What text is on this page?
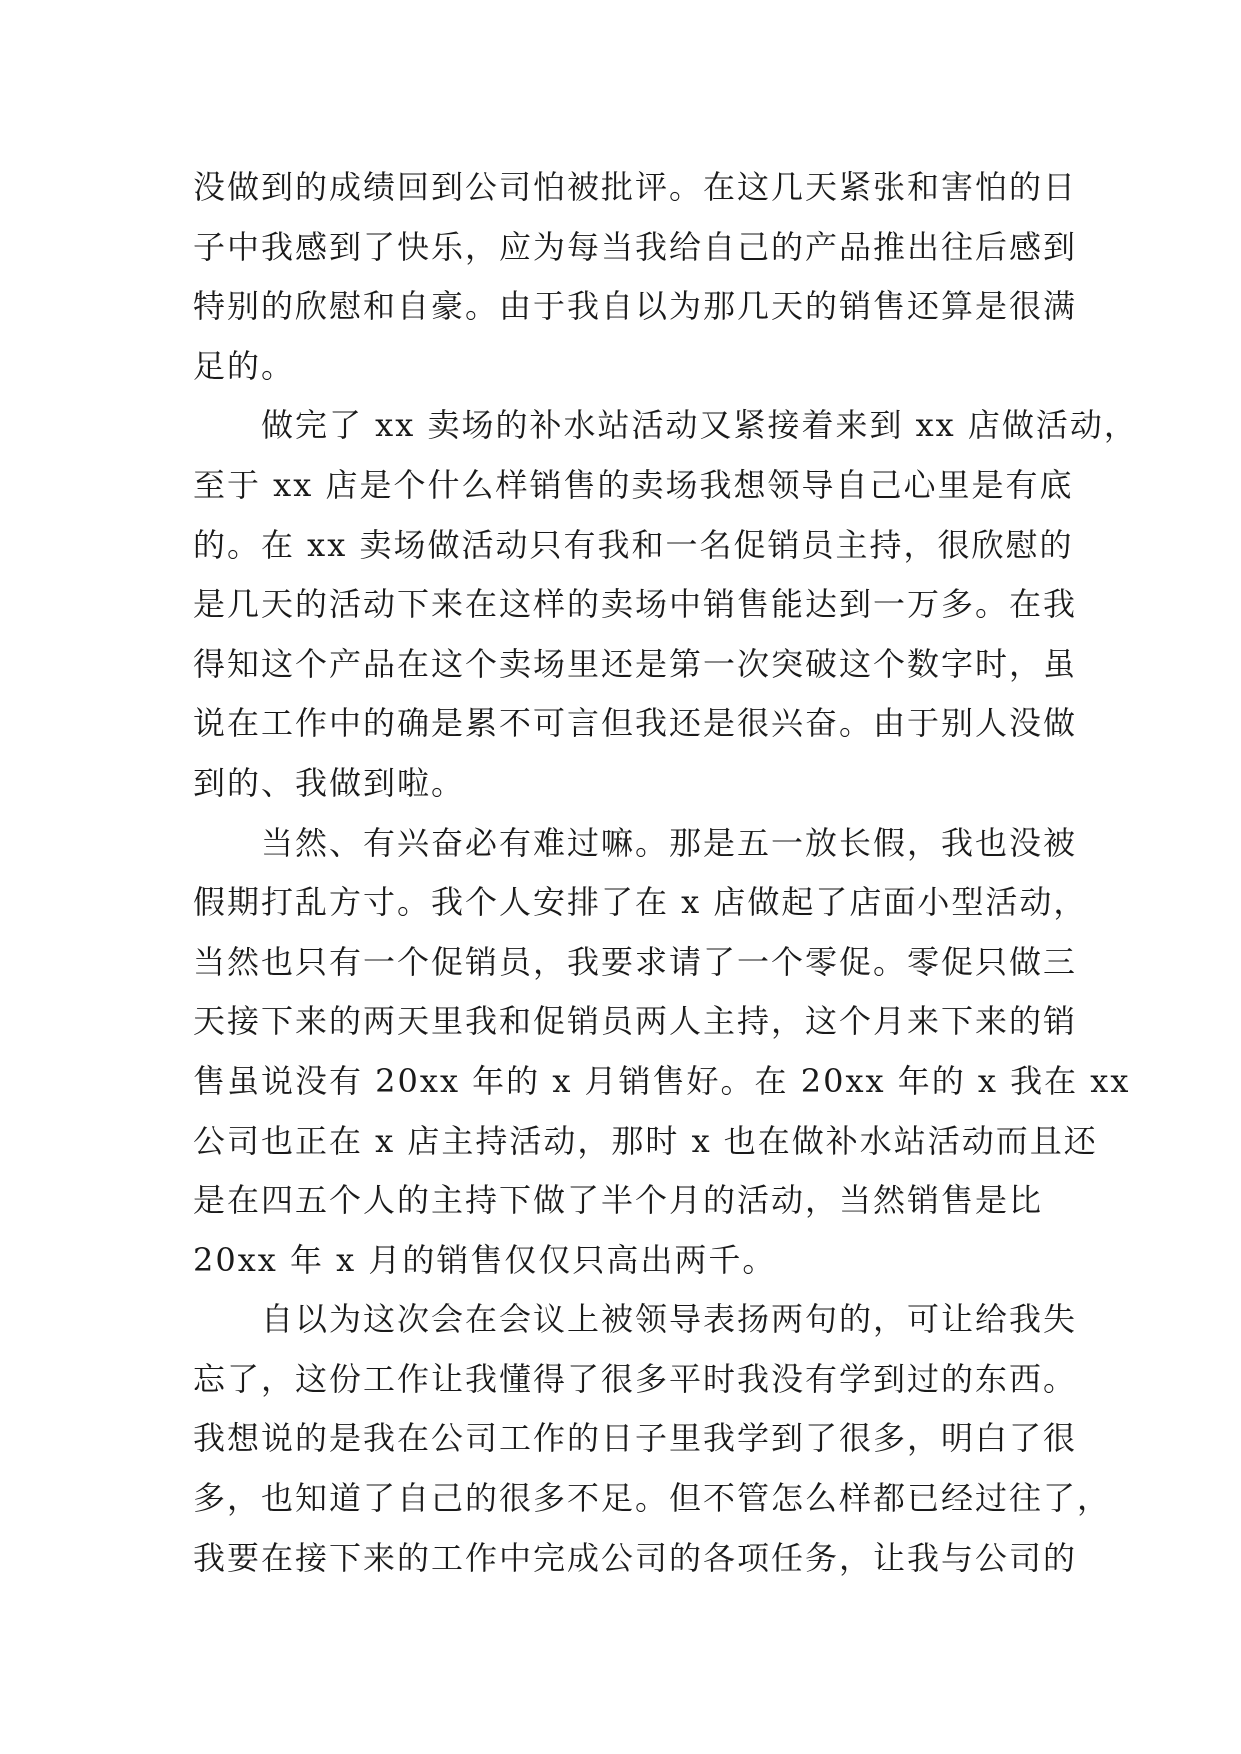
没做到的成绩回到公司怕被批评。在这几天紧张和害怕的日
子中我感到了快乐，应为每当我给自己的产品推出往后感到
特别的欣慰和自豪。由于我自以为那几天的销售还算是很满
足的。
做完了 xx 卖场的补水站活动又紧接着来到 xx 店做活动，
至于 xx 店是个什么样销售的卖场我想领导自己心里是有底
的。在 xx 卖场做活动只有我和一名促销员主持，很欣慰的
是几天的活动下来在这样的卖场中销售能达到一万多。在我
得知这个产品在这个卖场里还是第一次突破这个数字时，虽
说在工作中的确是累不可言但我还是很兴奋。由于别人没做
到的、我做到啦。
当然、有兴奋必有难过嘛。那是五一放长假，我也没被
假期打乱方寸。我个人安排了在 x 店做起了店面小型活动，
当然也只有一个促销员，我要求请了一个零促。零促只做三
天接下来的两天里我和促销员两人主持，这个月来下来的销
售虽说没有 20xx 年的 x 月销售好。在 20xx 年的 x 我在 xx
公司也正在 x 店主持活动，那时 x 也在做补水站活动而且还
是在四五个人的主持下做了半个月的活动，当然销售是比
20xx 年 x 月的销售仅仅只高出两千。
自以为这次会在会议上被领导表扬两句的，可让给我失
忘了，这份工作让我懂得了很多平时我没有学到过的东西。
我想说的是我在公司工作的日子里我学到了很多，明白了很
多，也知道了自己的很多不足。但不管怎么样都已经过往了，
我要在接下来的工作中完成公司的各项任务，让我与公司的
